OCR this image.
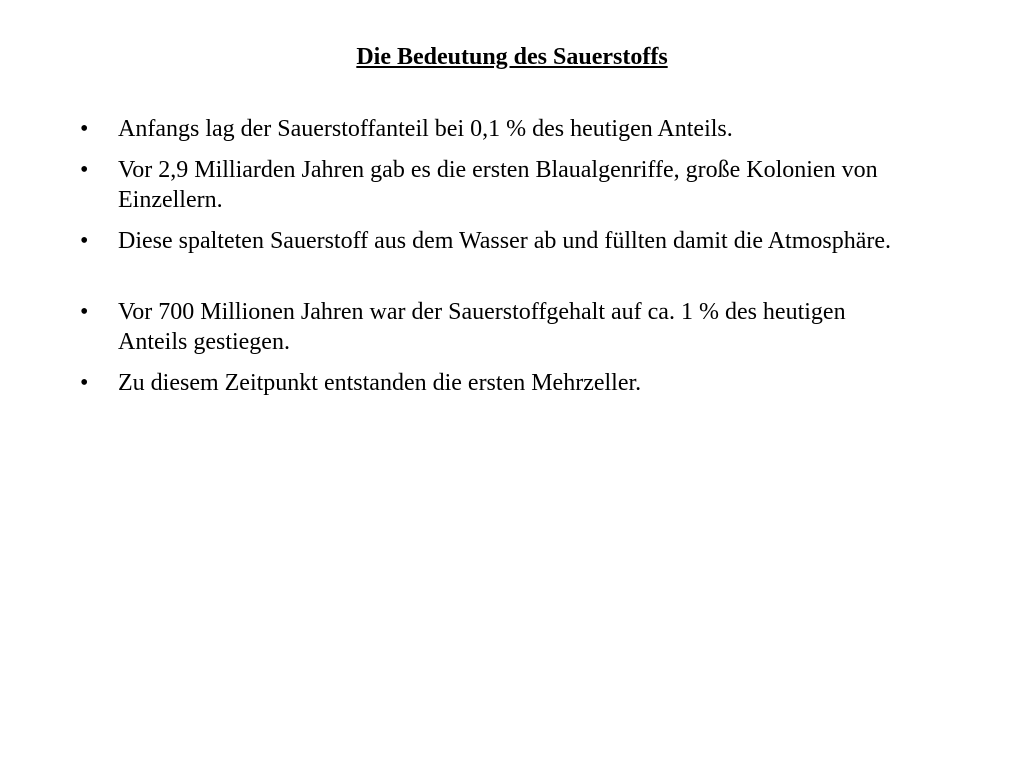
Die Bedeutung des Sauerstoffs
•	Anfangs lag der Sauerstoffanteil bei 0,1 % des heutigen Anteils.
•	Vor 2,9 Milliarden Jahren gab es die ersten Blaualgenriffe, große Kolonien von Einzellern.
•	Diese spalteten Sauerstoff aus dem Wasser ab und füllten damit die Atmosphäre.
•	Vor 700 Millionen Jahren war der Sauerstoffgehalt auf ca. 1 % des heutigen Anteils gestiegen.
•	Zu diesem Zeitpunkt entstanden die ersten Mehrzeller.
